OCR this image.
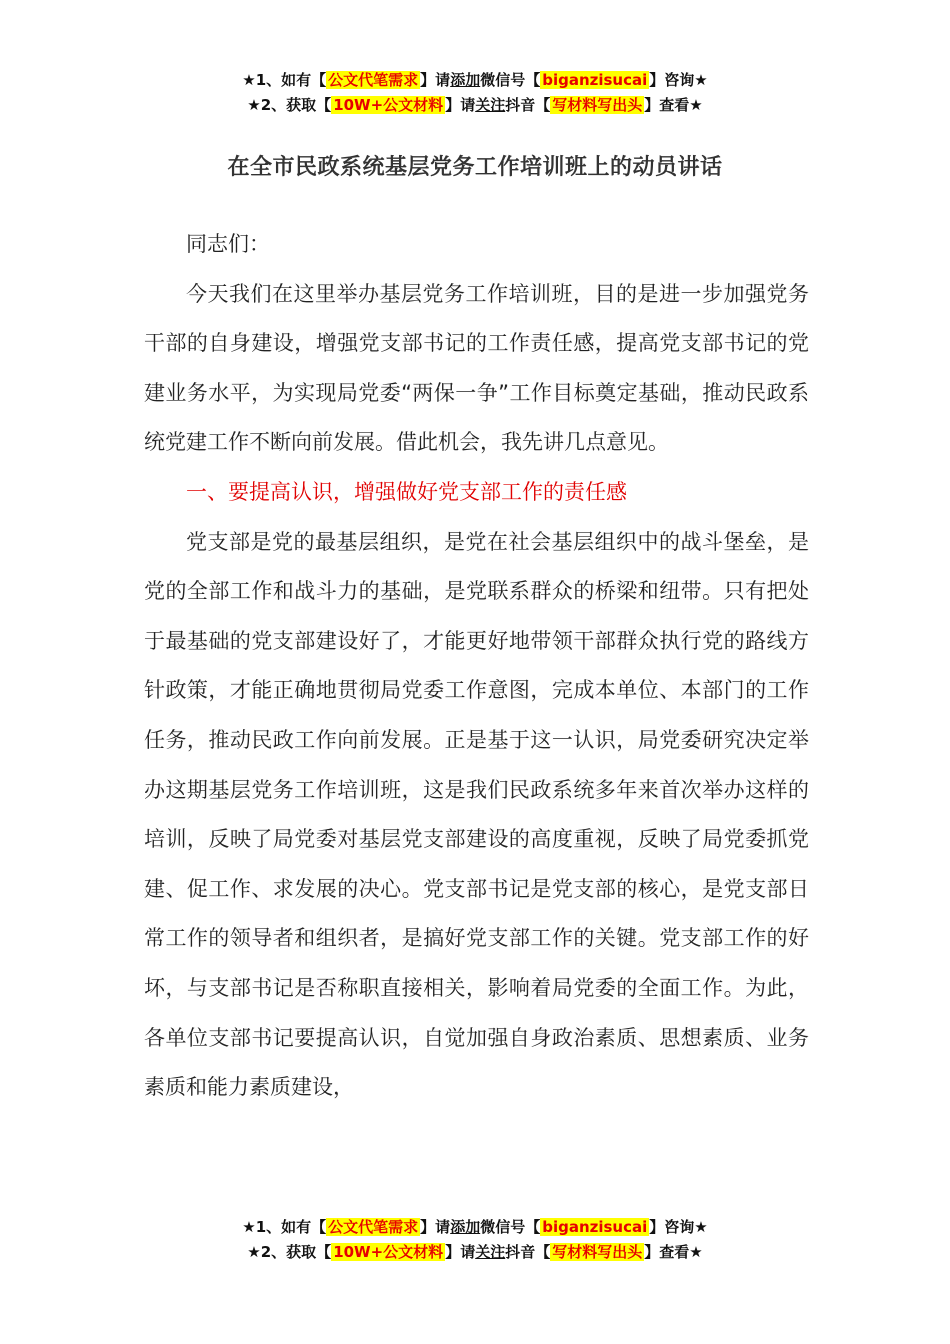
★1、如有【 公文代笔需求 】请添加微信号【 biganzisucai 】咨询★
★2、获取【 10W+公文材料 】请关注抖音【 写材料写出头 】查看★
在全市民政系统基层党务工作培训班上的动员讲话

同志们：

今天我们在这里举办基层党务工作培训班，目的是进一步加强党务干部的自身建设，增强党支部书记的工作责任感，提高党支部书记的党建业务水平，为实现局党委“两保一争”工作目标奠定基础，推动民政系统党建工作不断向前发展。借此机会，我先讲几点意见。

一、要提高认识，增强做好党支部工作的责任感

党支部是党的最基层组织，是党在社会基层组织中的战斗堡垒，是党的全部工作和战斗力的基础，是党联系群众的桥梁和纽带。只有把处于最基础的党支部建设好了，才能更好地带领干部群众执行党的路线方针政策，才能正确地贯彻局党委工作意图，完成本单位、本部门的工作任务，推动民政工作向前发展。正是基于这一认识，局党委研究决定举办这期基层党务工作培训班，这是我们民政系统多年来首次举办这样的培训，反映了局党委对基层党支部建设的高度重视，反映了局党委抓党建、促工作、求发展的决心。党支部书记是党支部的核心，是党支部日常工作的领导者和组织者，是搞好党支部工作的关键。党支部工作的好坏，与支部书记是否称职直接相关，影响着局党委的全面工作。为此，各单位支部书记要提高认识，自觉加强自身政治素质、思想素质、业务素质和能力素质建设，

★1、如有【 公文代笔需求 】请添加微信号【 biganzisucai 】咨询★
★2、获取【 10W+公文材料 】请关注抖音【 写材料写出头 】查看★
